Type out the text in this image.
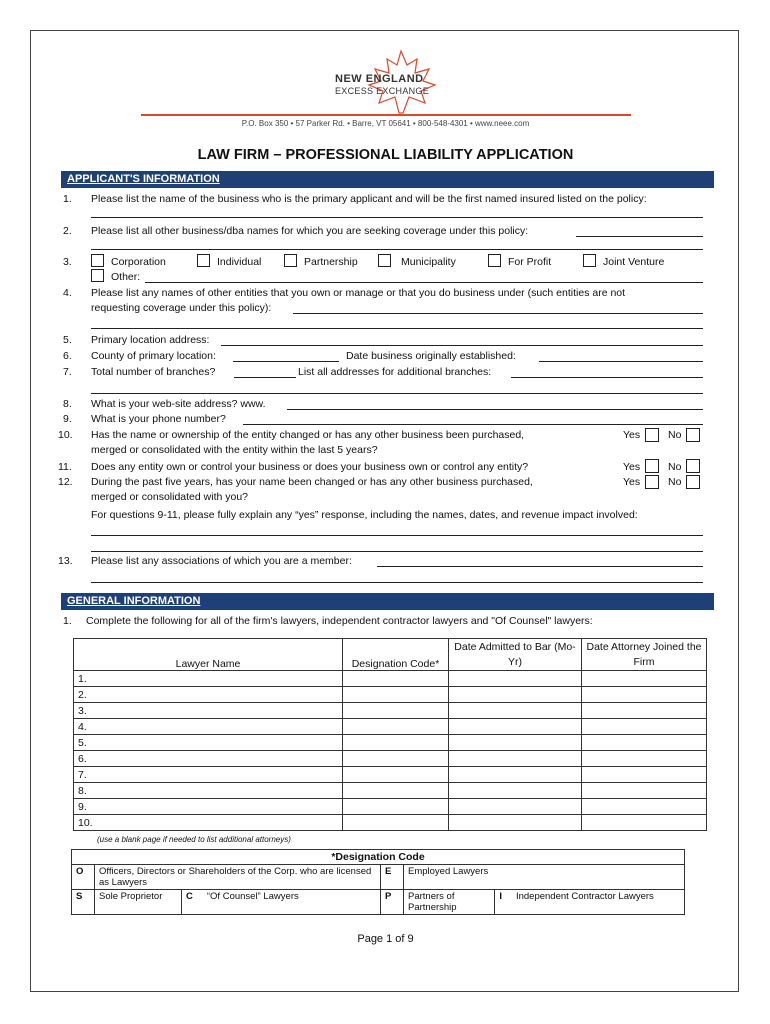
NEW ENGLAND
EXCESS EXCHANGE
P.O. Box 350 • 57 Parker Rd. • Barre, VT 05641 • 800-548-4301 • www.neee.com
LAW FIRM – PROFESSIONAL LIABILITY APPLICATION
APPLICANT'S INFORMATION
1. Please list the name of the business who is the primary applicant and will be the first named insured listed on the policy:
2. Please list all other business/dba names for which you are seeking coverage under this policy:
3.	Corporation	Individual	Partnership	Municipality	For Profit	Joint Venture
Other:
4. Please list any names of other entities that you own or manage or that you do business under (such entities are not
requesting coverage under this policy):
5. Primary location address:
6. County of primary location:	Date business originally established:
7. Total number of branches?	List all addresses for additional branches:
8. What is your web-site address? www.
9. What is your phone number?
10. Has the name or ownership of the entity changed or has any other business been purchased,
merged or consolidated with the entity within the last 5 years?
Yes	No
11. Does any entity own or control your business or does your business own or control any entity?	Yes	No
12. During the past five years, has your name been changed or has any other business purchased,
merged or consolidated with you?
Yes	No
For questions 9-11, please fully explain any “yes” response, including the names, dates, and revenue impact involved:
13. Please list any associations of which you are a member:
GENERAL INFORMATION
1. Complete the following for all of the firm's lawyers, independent contractor lawyers and "Of Counsel" lawyers:
Lawyer Name	Designation Code*	Date Admitted to Bar (Mo-Yr)	Date Attorney Joined the Firm
1.			
2.			
3.			
4.			
5.			
6.			
7.			
8.			
9.			
10.			
(use a blank page if needed to list additional attorneys)
*Designation Code					
O	Officers, Directors or Shareholders of the Corp. who are licensed as Lawyers		E	Employed Lawyers	
S	Sole Proprietor	C “Of Counsel” Lawyers	P	Partners of Partnership	I Independent Contractor Lawyers
Page 1 of 9
